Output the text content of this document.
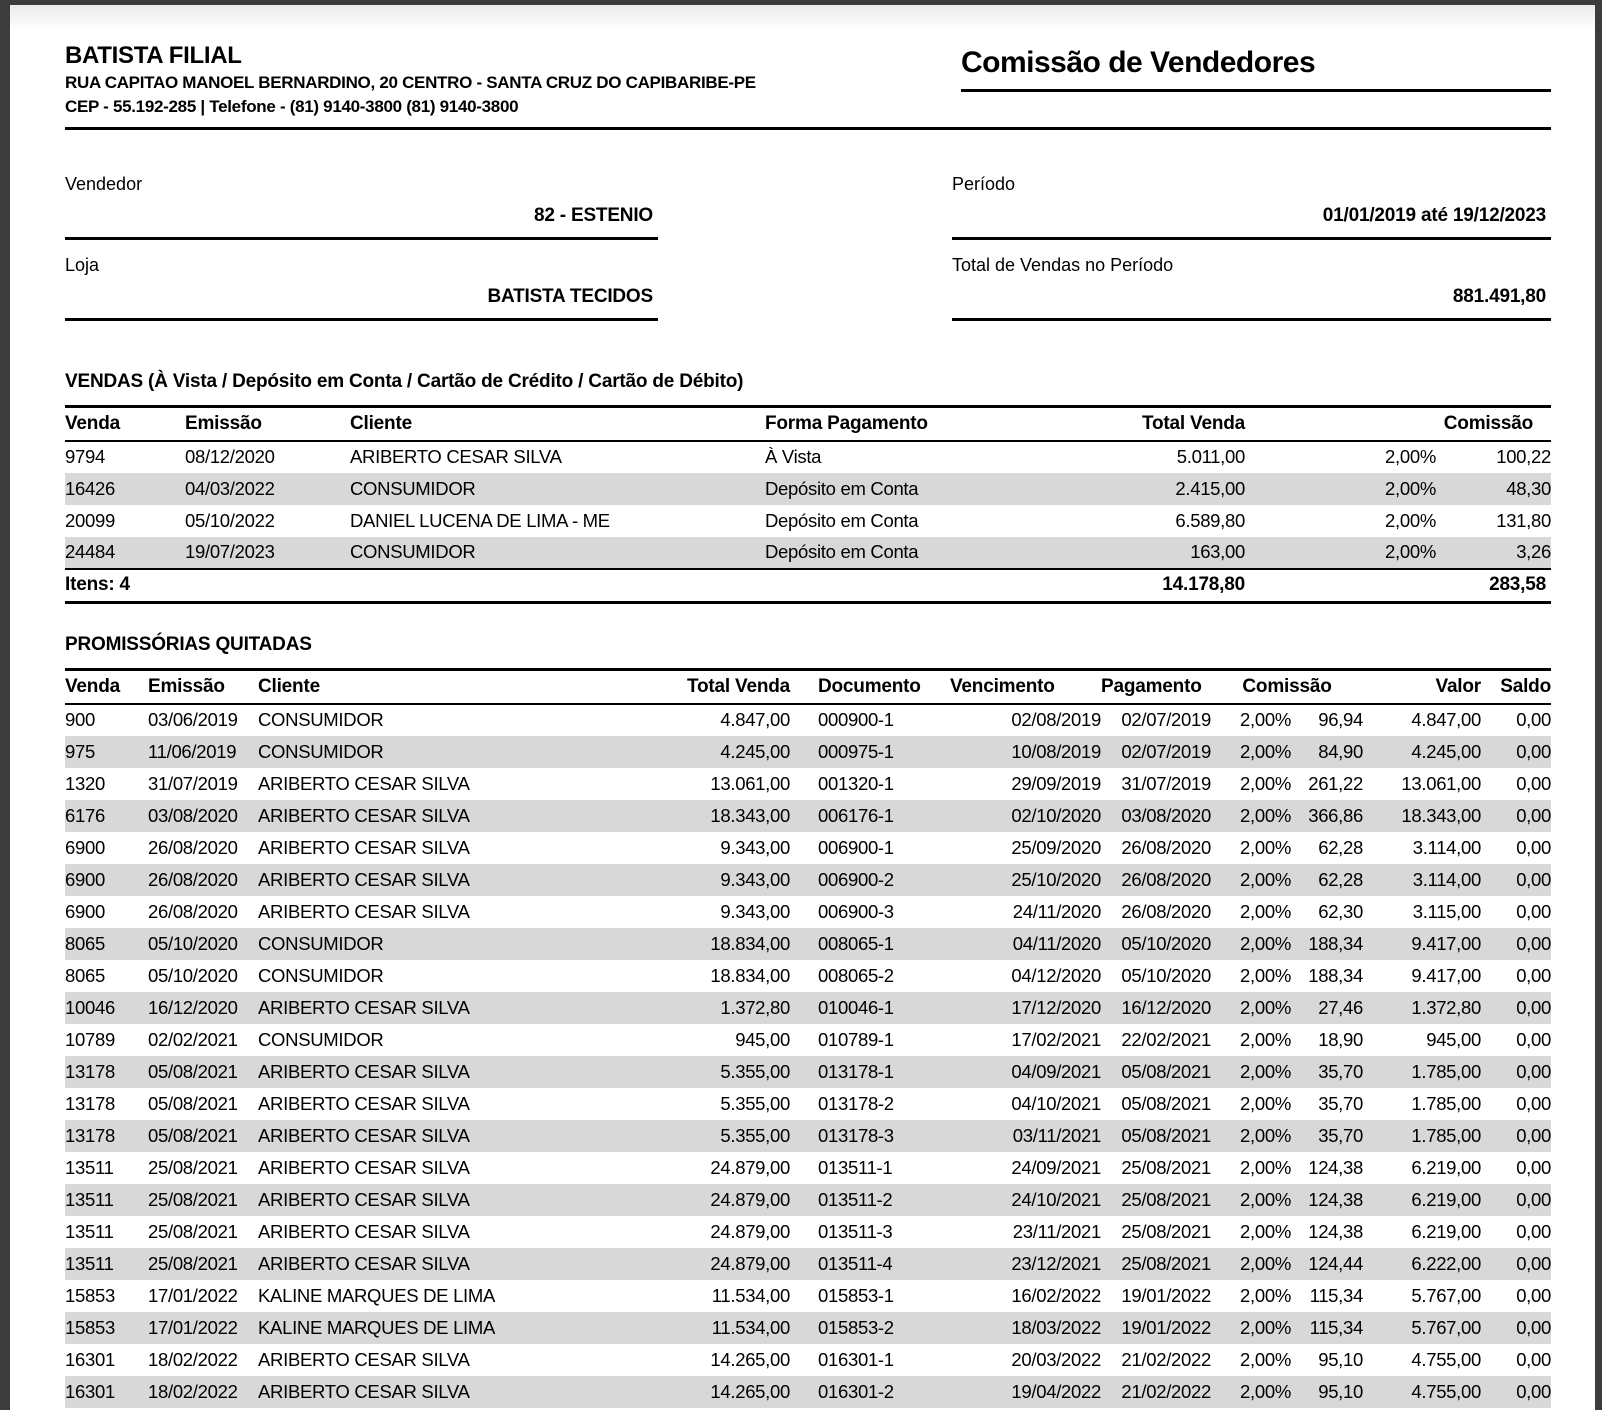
BATISTA FILIAL
RUA CAPITAO MANOEL BERNARDINO, 20 CENTRO - SANTA CRUZ DO CAPIBARIBE-PE
CEP - 55.192-285 | Telefone - (81) 9140-3800 (81) 9140-3800
Comissão de Vendedores
Vendedor
82 - ESTENIO
Loja
BATISTA TECIDOS
Período
01/01/2019 até 19/12/2023
Total de Vendas no Período
881.491,80
VENDAS (À Vista / Depósito em Conta / Cartão de Crédito / Cartão de Débito)
Venda	Emissão	Cliente	Forma Pagamento	Total Venda	Comissão	
9794	08/12/2020	ARIBERTO CESAR SILVA	À Vista	5.011,00	2,00%	100,22
16426	04/03/2022	CONSUMIDOR	Depósito em Conta	2.415,00	2,00%	48,30
20099	05/10/2022	DANIEL LUCENA DE LIMA - ME	Depósito em Conta	6.589,80	2,00%	131,80
24484	19/07/2023	CONSUMIDOR	Depósito em Conta	163,00	2,00%	3,26
Itens: 4				14.178,80	283,58	
PROMISSÓRIAS QUITADAS
Venda	Emissão	Cliente	Total Venda	Documento	Vencimento	Pagamento	Comissão		Valor	Saldo
900	03/06/2019	CONSUMIDOR	4.847,00	000900-1	02/08/2019	02/07/2019	2,00%	96,94	4.847,00	0,00
975	11/06/2019	CONSUMIDOR	4.245,00	000975-1	10/08/2019	02/07/2019	2,00%	84,90	4.245,00	0,00
1320	31/07/2019	ARIBERTO CESAR SILVA	13.061,00	001320-1	29/09/2019	31/07/2019	2,00%	261,22	13.061,00	0,00
6176	03/08/2020	ARIBERTO CESAR SILVA	18.343,00	006176-1	02/10/2020	03/08/2020	2,00%	366,86	18.343,00	0,00
6900	26/08/2020	ARIBERTO CESAR SILVA	9.343,00	006900-1	25/09/2020	26/08/2020	2,00%	62,28	3.114,00	0,00
6900	26/08/2020	ARIBERTO CESAR SILVA	9.343,00	006900-2	25/10/2020	26/08/2020	2,00%	62,28	3.114,00	0,00
6900	26/08/2020	ARIBERTO CESAR SILVA	9.343,00	006900-3	24/11/2020	26/08/2020	2,00%	62,30	3.115,00	0,00
8065	05/10/2020	CONSUMIDOR	18.834,00	008065-1	04/11/2020	05/10/2020	2,00%	188,34	9.417,00	0,00
8065	05/10/2020	CONSUMIDOR	18.834,00	008065-2	04/12/2020	05/10/2020	2,00%	188,34	9.417,00	0,00
10046	16/12/2020	ARIBERTO CESAR SILVA	1.372,80	010046-1	17/12/2020	16/12/2020	2,00%	27,46	1.372,80	0,00
10789	02/02/2021	CONSUMIDOR	945,00	010789-1	17/02/2021	22/02/2021	2,00%	18,90	945,00	0,00
13178	05/08/2021	ARIBERTO CESAR SILVA	5.355,00	013178-1	04/09/2021	05/08/2021	2,00%	35,70	1.785,00	0,00
13178	05/08/2021	ARIBERTO CESAR SILVA	5.355,00	013178-2	04/10/2021	05/08/2021	2,00%	35,70	1.785,00	0,00
13178	05/08/2021	ARIBERTO CESAR SILVA	5.355,00	013178-3	03/11/2021	05/08/2021	2,00%	35,70	1.785,00	0,00
13511	25/08/2021	ARIBERTO CESAR SILVA	24.879,00	013511-1	24/09/2021	25/08/2021	2,00%	124,38	6.219,00	0,00
13511	25/08/2021	ARIBERTO CESAR SILVA	24.879,00	013511-2	24/10/2021	25/08/2021	2,00%	124,38	6.219,00	0,00
13511	25/08/2021	ARIBERTO CESAR SILVA	24.879,00	013511-3	23/11/2021	25/08/2021	2,00%	124,38	6.219,00	0,00
13511	25/08/2021	ARIBERTO CESAR SILVA	24.879,00	013511-4	23/12/2021	25/08/2021	2,00%	124,44	6.222,00	0,00
15853	17/01/2022	KALINE MARQUES DE LIMA	11.534,00	015853-1	16/02/2022	19/01/2022	2,00%	115,34	5.767,00	0,00
15853	17/01/2022	KALINE MARQUES DE LIMA	11.534,00	015853-2	18/03/2022	19/01/2022	2,00%	115,34	5.767,00	0,00
16301	18/02/2022	ARIBERTO CESAR SILVA	14.265,00	016301-1	20/03/2022	21/02/2022	2,00%	95,10	4.755,00	0,00
16301	18/02/2022	ARIBERTO CESAR SILVA	14.265,00	016301-2	19/04/2022	21/02/2022	2,00%	95,10	4.755,00	0,00
